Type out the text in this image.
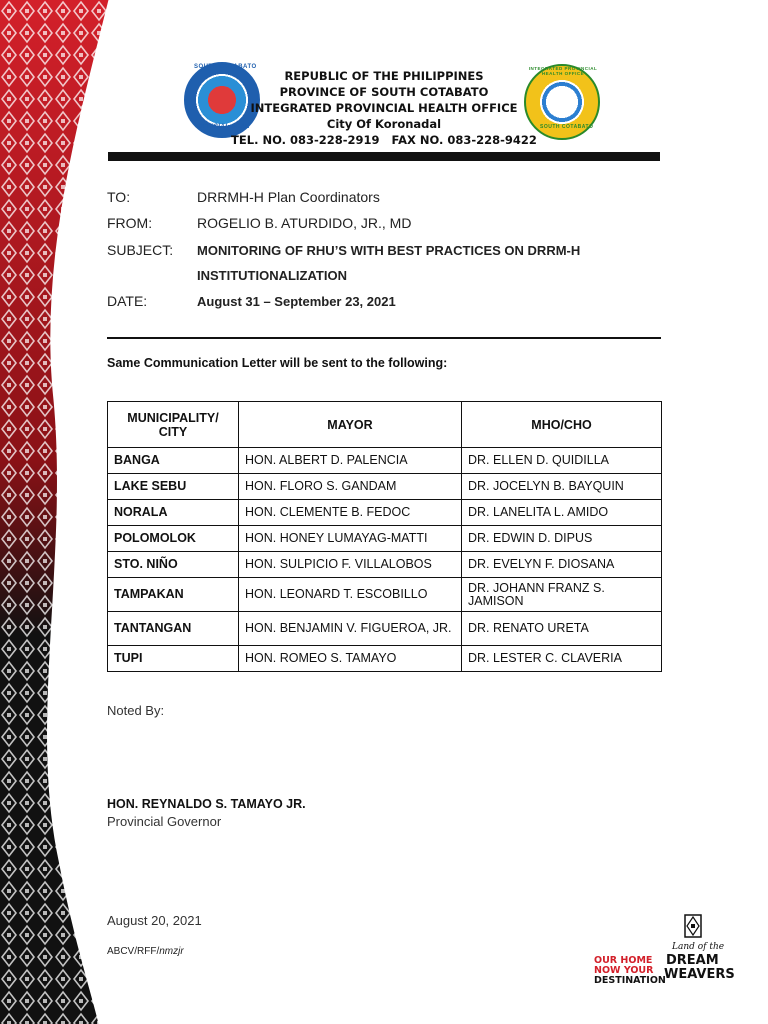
SOUTH COTABATO
OFFICIAL SEAL
INTEGRATED PROVINCIAL HEALTH OFFICE
SOUTH COTABATO
REPUBLIC OF THE PHILIPPINES
PROVINCE OF SOUTH COTABATO
INTEGRATED PROVINCIAL HEALTH OFFICE
City Of Koronadal
TEL. NO. 083-228-2919   FAX NO. 083-228-9422
TO:	DRRMH-H Plan Coordinators
FROM:	ROGELIO B. ATURDIDO, JR., MD
SUBJECT: MONITORING OF RHU’S WITH BEST PRACTICES ON DRRM-H
INSTITUTIONALIZATION
DATE:	August 31 – September 23, 2021
Same Communication Letter will be sent to the following:
MUNICIPALITY/ CITY	MAYOR	MHO/CHO
BANGA	HON. ALBERT D. PALENCIA	DR. ELLEN D. QUIDILLA
LAKE SEBU	HON. FLORO S. GANDAM	DR. JOCELYN B. BAYQUIN
NORALA	HON. CLEMENTE B. FEDOC	DR. LANELITA L. AMIDO
POLOMOLOK	HON. HONEY LUMAYAG-MATTI	DR. EDWIN D. DIPUS
STO. NIÑO	HON. SULPICIO F. VILLALOBOS	DR. EVELYN F. DIOSANA
TAMPAKAN	HON. LEONARD T. ESCOBILLO	DR. JOHANN FRANZ S. JAMISON
TANTANGAN	HON. BENJAMIN V. FIGUEROA, JR.	DR. RENATO URETA
TUPI	HON. ROMEO S. TAMAYO	DR. LESTER C. CLAVERIA
Noted By:
HON. REYNALDO S. TAMAYO JR.
Provincial Governor
August 20, 2021
ABCV/RFF/nmzjr
OUR HOME
NOW YOUR
DESTINATION
Land of the
DREAM
WEAVERS
